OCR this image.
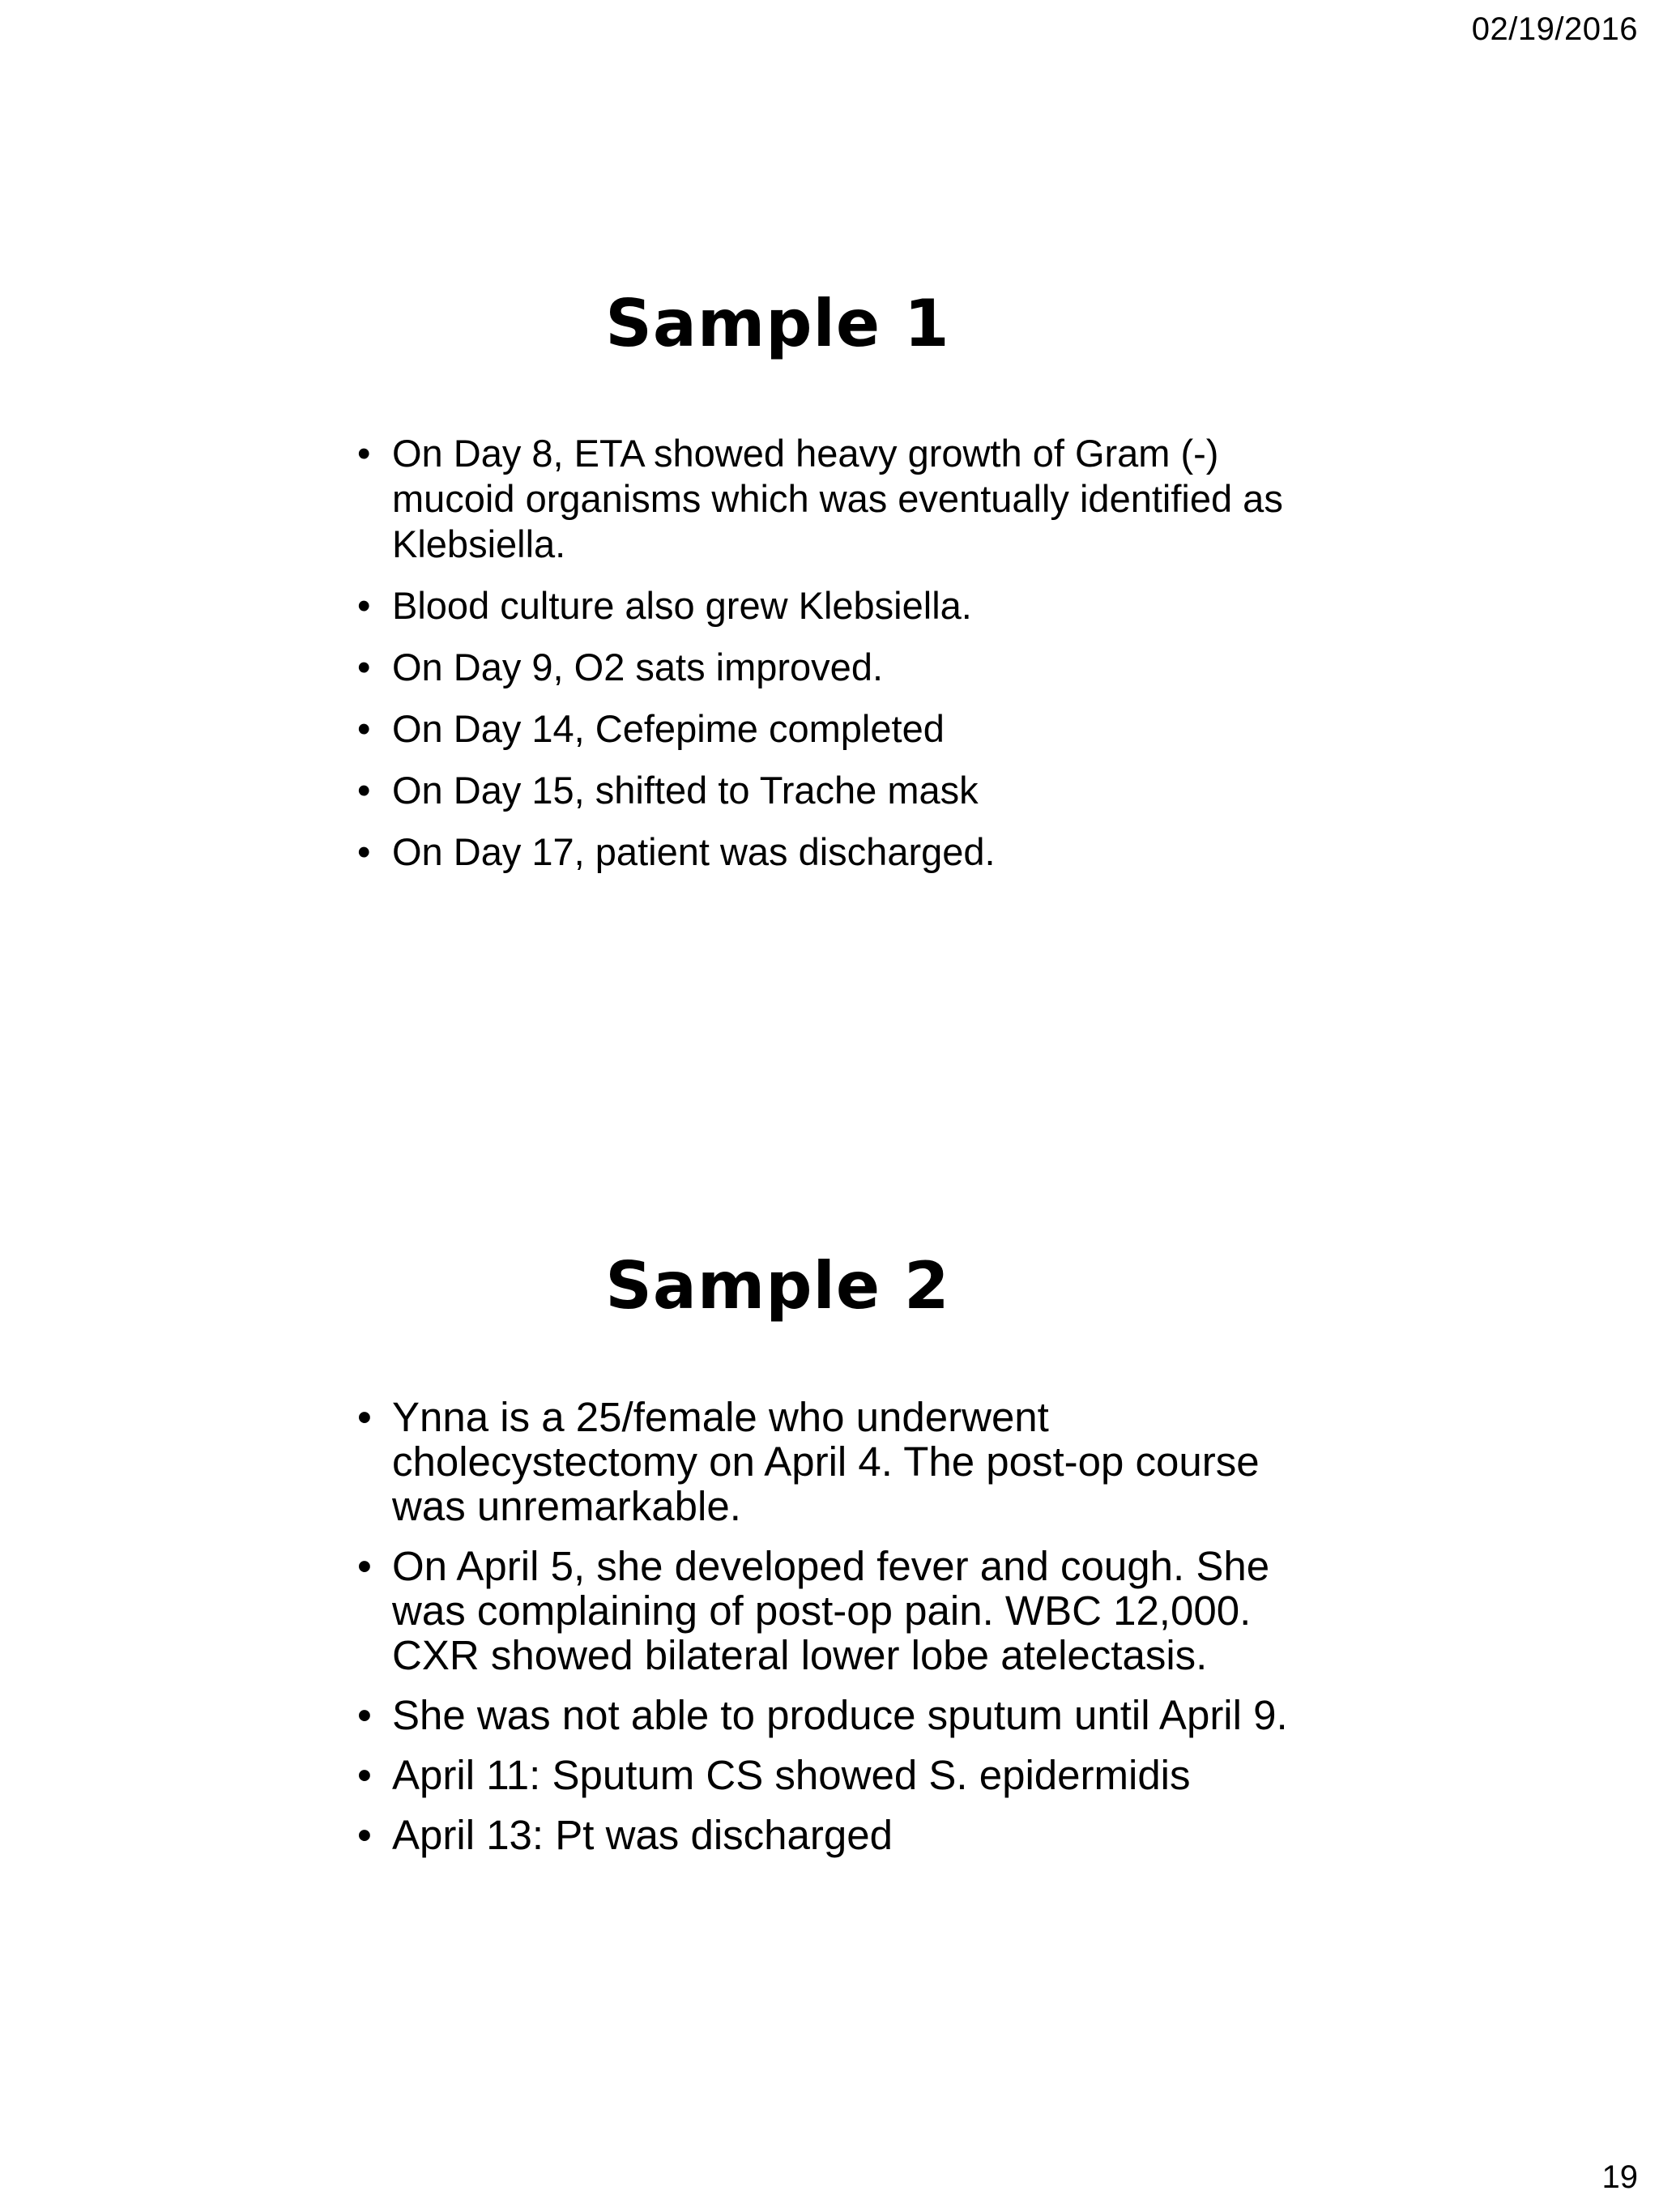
02/19/2016
Sample 1
• On Day 8, ETA showed heavy growth of Gram (-) mucoid organisms which was eventually identified as Klebsiella.
• Blood culture also grew Klebsiella.
• On Day 9, O2 sats improved.
• On Day 14, Cefepime completed
• On Day 15, shifted to Trache mask
• On Day 17, patient was discharged.
Sample 2
• Ynna is a 25/female who underwent cholecystectomy on April 4. The post-op course was unremarkable.
• On April 5, she developed fever and cough. She was complaining of post-op pain. WBC 12,000. CXR showed bilateral lower lobe atelectasis.
• She was not able to produce sputum until April 9.
• April 11: Sputum CS showed S. epidermidis
• April 13: Pt was discharged
19
